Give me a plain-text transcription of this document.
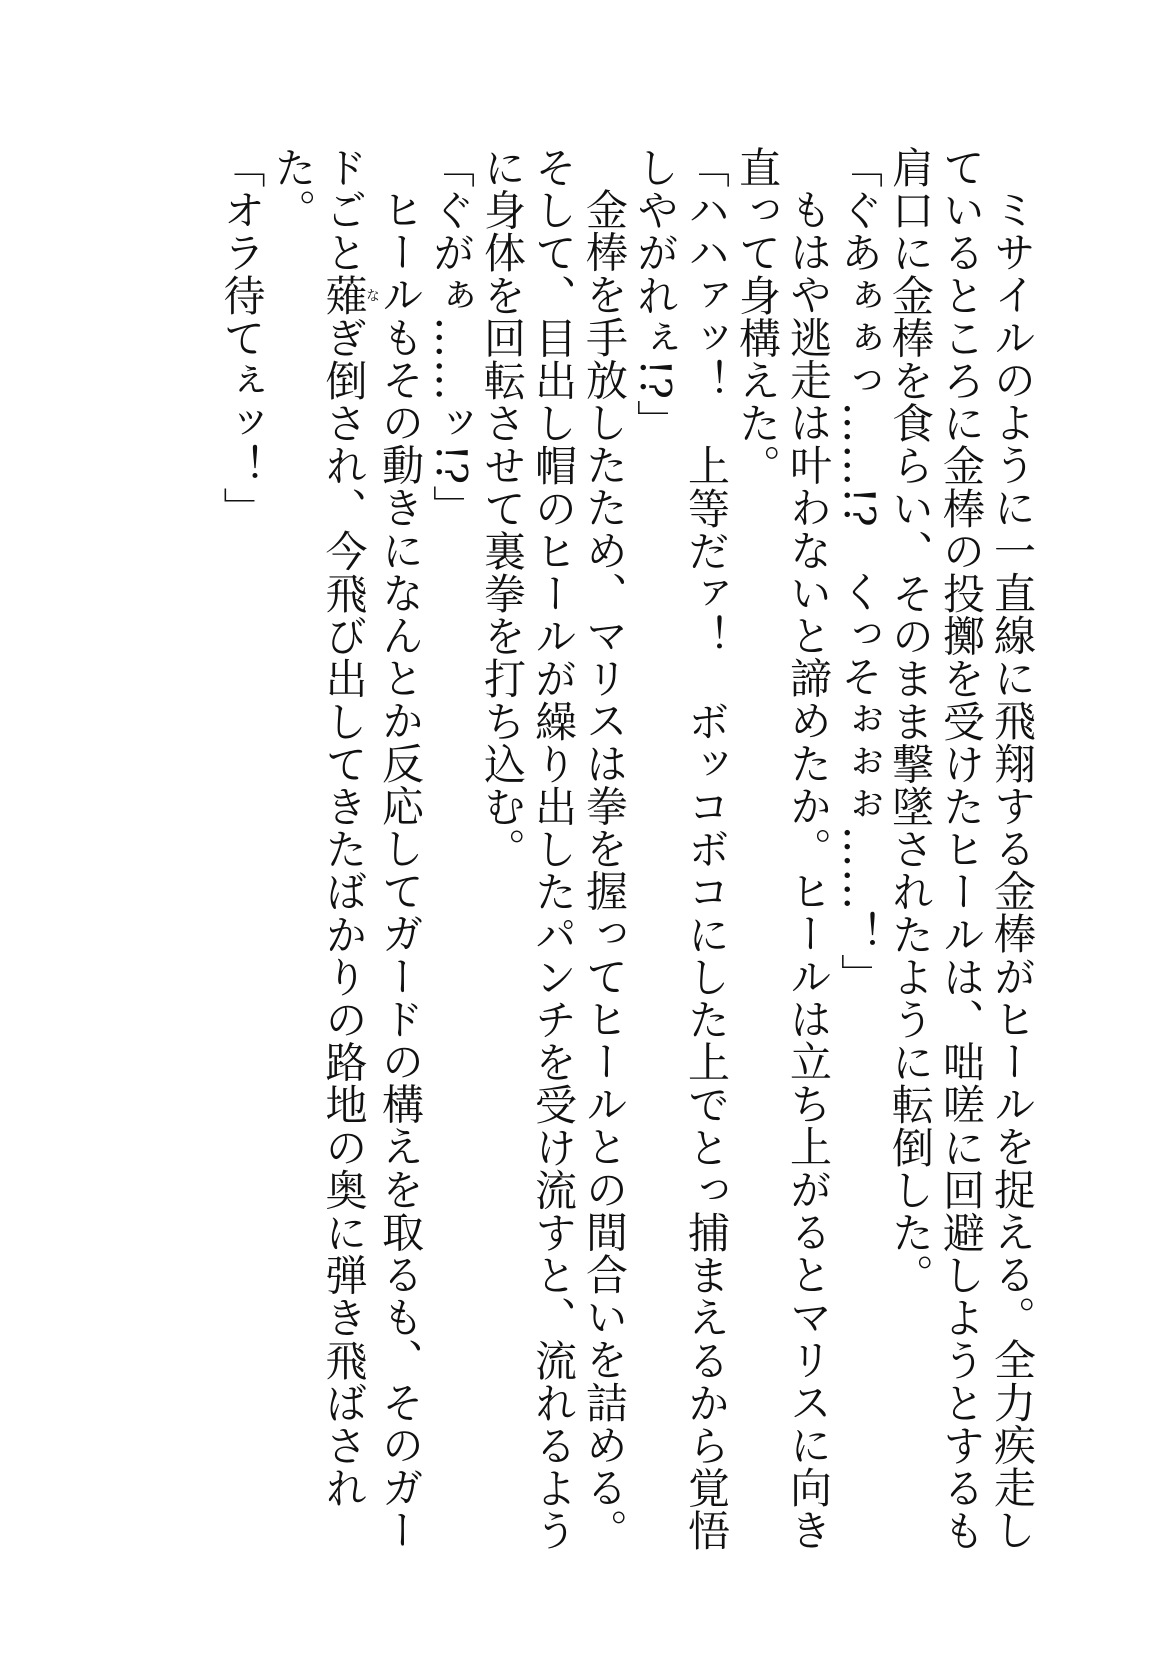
ミサイルのように一直線に飛翔する金棒がヒールを捉える。全力疾走しているところに金棒の投擲を受けたヒールは、咄嗟に回避しようとするも肩口に金棒を食らい、そのまま撃墜されたように転倒した。

「ぐあぁぁっ……!?　くっそぉぉぉ……！」

もはや逃走は叶わないと諦めたか。ヒールは立ち上がるとマリスに向き直って身構えた。

「ハハァッ！　上等だァ！　ボッコボコにした上でとっ捕まえるから覚悟しやがれぇ!?」

金棒を手放したため、マリスは拳を握ってヒールとの間合いを詰める。そして、目出し帽のヒールが繰り出したパンチを受け流すと、流れるように身体を回転させて裏拳を打ち込む。

「ぐがぁ……ッ!?」

ヒールもその動きになんとか反応してガードの構えを取るも、そのガードごと薙なぎ倒され、今飛び出してきたばかりの路地の奥に弾き飛ばされた。

「オラ待てぇッ！」
